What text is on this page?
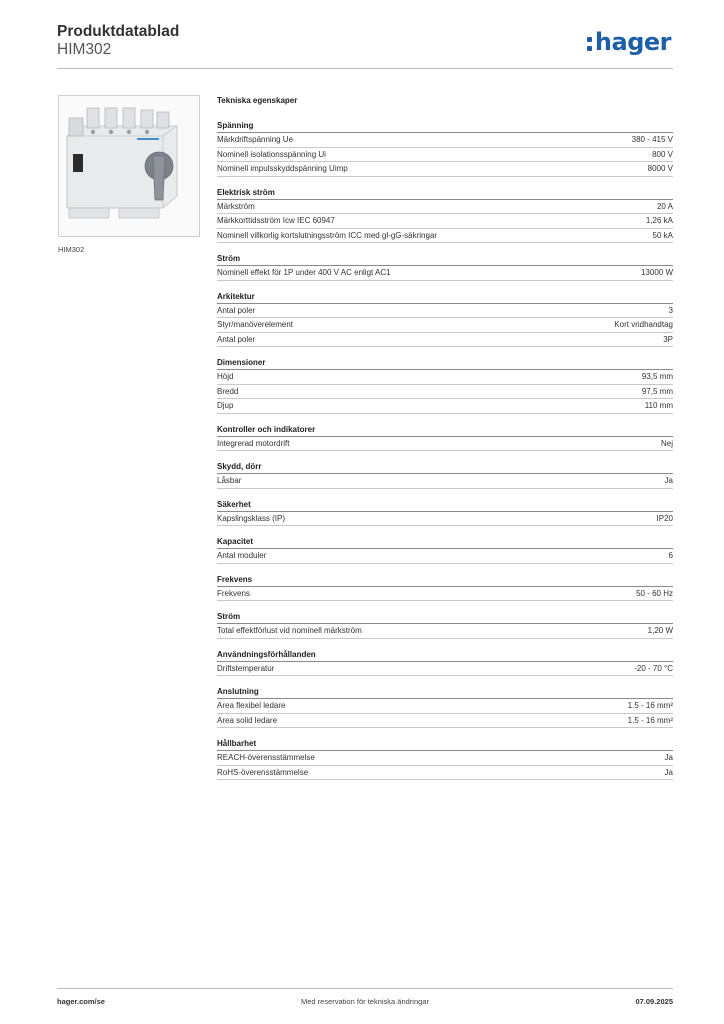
Produktdatablad
HIM302	hager
HIM302
Tekniska egenskaper
Spänning
Märkdriftspänning Ue	380 - 415 V
Nominell isolationsspänning Ui	800 V
Nominell impulsskyddspänning Uimp	8000 V
Elektrisk ström
Märkström	20 A
Märkkorttidsström Icw IEC 60947	1,26 kA
Nominell villkorlig kortslutningsström ICC med gl-gG-säkringar	50 kA
Ström
Nominell effekt för 1P under 400 V AC enligt AC1	13000 W
Arkitektur
Antal poler	3
Styr/manöverelement	Kort vridhandtag
Antal poler	3P
Dimensioner
Höjd	93,5 mm
Bredd	97,5 mm
Djup	110 mm
Kontroller och indikatorer
Integrerad motordrift	Nej
Skydd, dörr
Låsbar	Ja
Säkerhet
Kapslingsklass (IP)	IP20
Kapacitet
Antal moduler	6
Frekvens
Frekvens	50 - 60 Hz
Ström
Total effektförlust vid nominell märkström	1,20 W
Användningsförhållanden
Driftstemperatur	-20 - 70 °C
Anslutning
Area flexibel ledare	1.5 - 16 mm²
Area solid ledare	1.5 - 16 mm²
Hållbarhet
REACH-överensstämmelse	Ja
RoHS-överensstämmelse	Ja
hager.com/se	Med reservation för tekniska ändringar	07.09.2025
